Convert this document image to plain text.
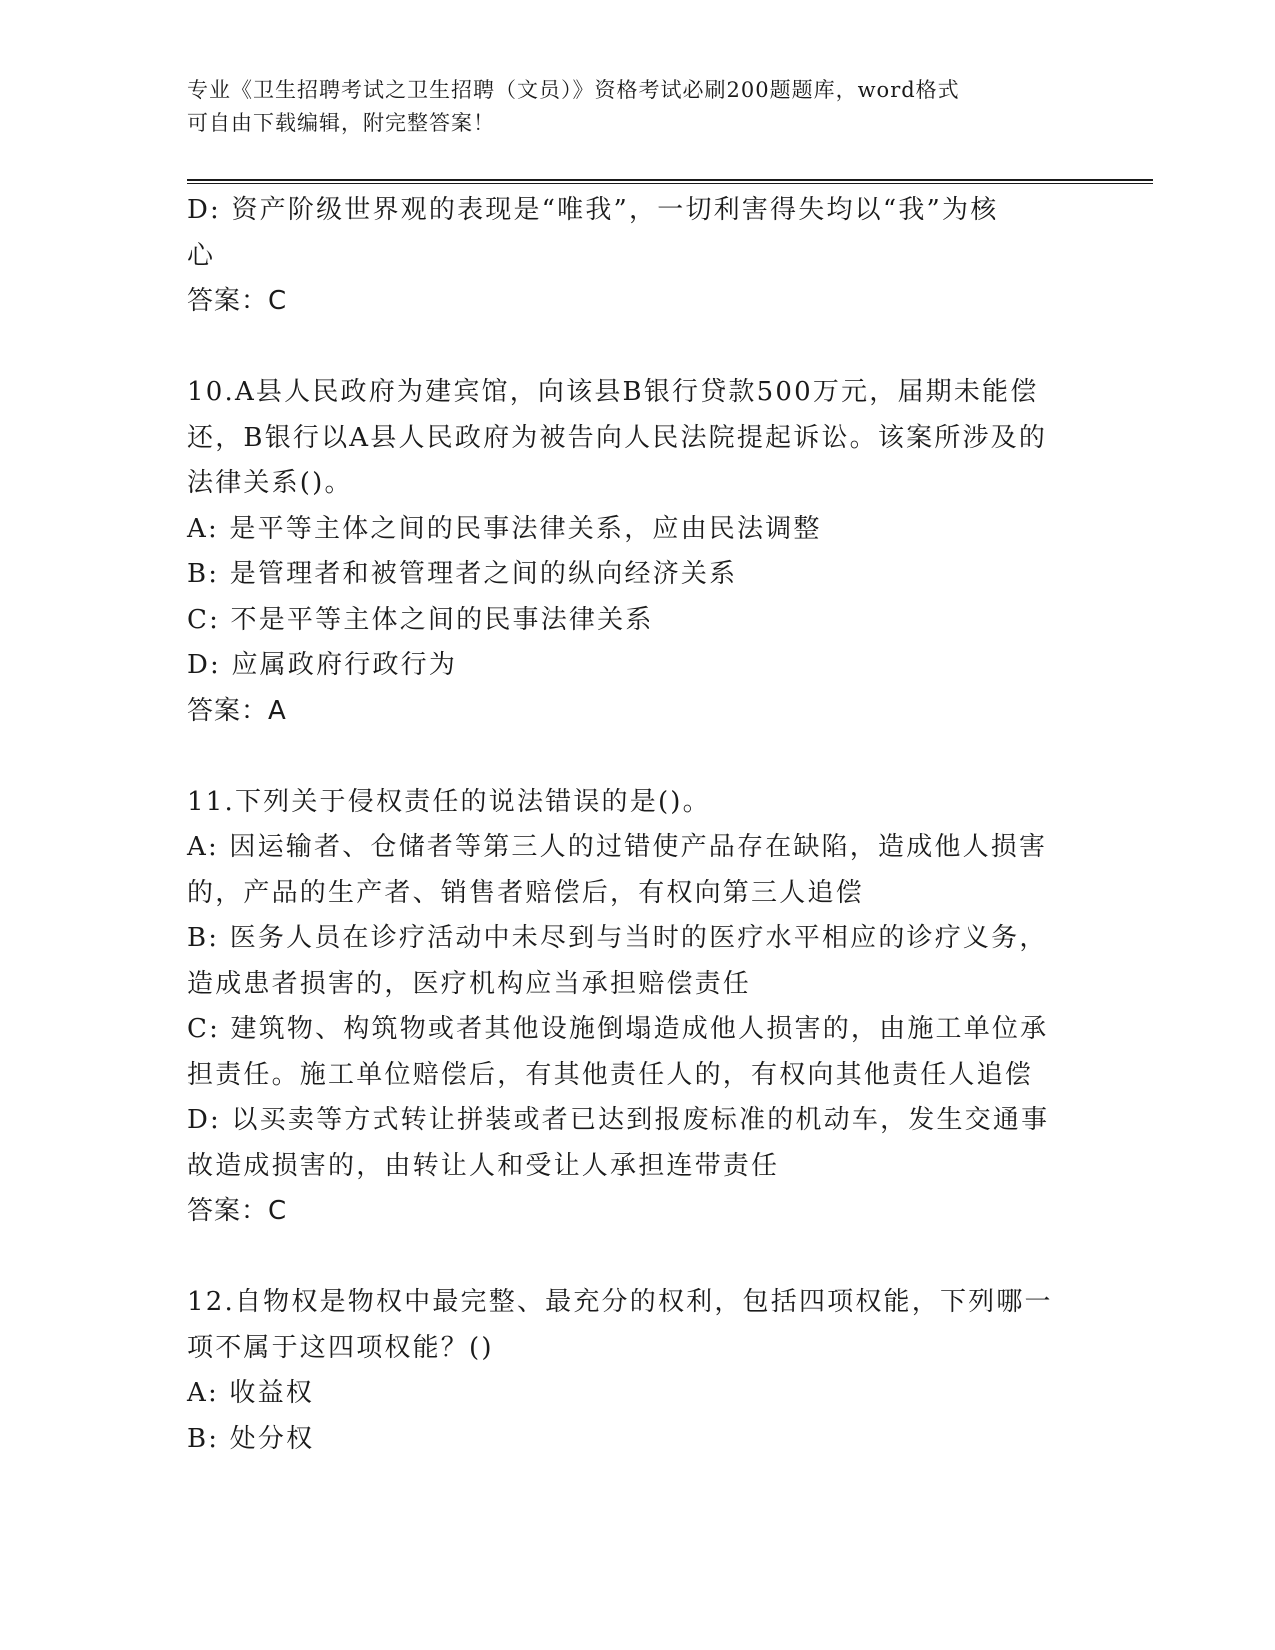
专业《卫生招聘考试之卫生招聘（文员）》资格考试必刷200题题库，word格式
可自由下载编辑，附完整答案！

D: 资产阶级世界观的表现是“唯我”，一切利害得失均以“我”为核

心

答案：C

10.A县人民政府为建宾馆，向该县B银行贷款500万元，届期未能偿

还，B银行以A县人民政府为被告向人民法院提起诉讼。该案所涉及的

法律关系()。

A: 是平等主体之间的民事法律关系，应由民法调整

B: 是管理者和被管理者之间的纵向经济关系

C: 不是平等主体之间的民事法律关系

D: 应属政府行政行为

答案：A

11.下列关于侵权责任的说法错误的是()。

A: 因运输者、仓储者等第三人的过错使产品存在缺陷，造成他人损害

的，产品的生产者、销售者赔偿后，有权向第三人追偿

B: 医务人员在诊疗活动中未尽到与当时的医疗水平相应的诊疗义务，

造成患者损害的，医疗机构应当承担赔偿责任

C: 建筑物、构筑物或者其他设施倒塌造成他人损害的，由施工单位承

担责任。施工单位赔偿后，有其他责任人的，有权向其他责任人追偿

D: 以买卖等方式转让拼装或者已达到报废标准的机动车，发生交通事

故造成损害的，由转让人和受让人承担连带责任

答案：C

12.自物权是物权中最完整、最充分的权利，包括四项权能，下列哪一

项不属于这四项权能？()

A: 收益权

B: 处分权
